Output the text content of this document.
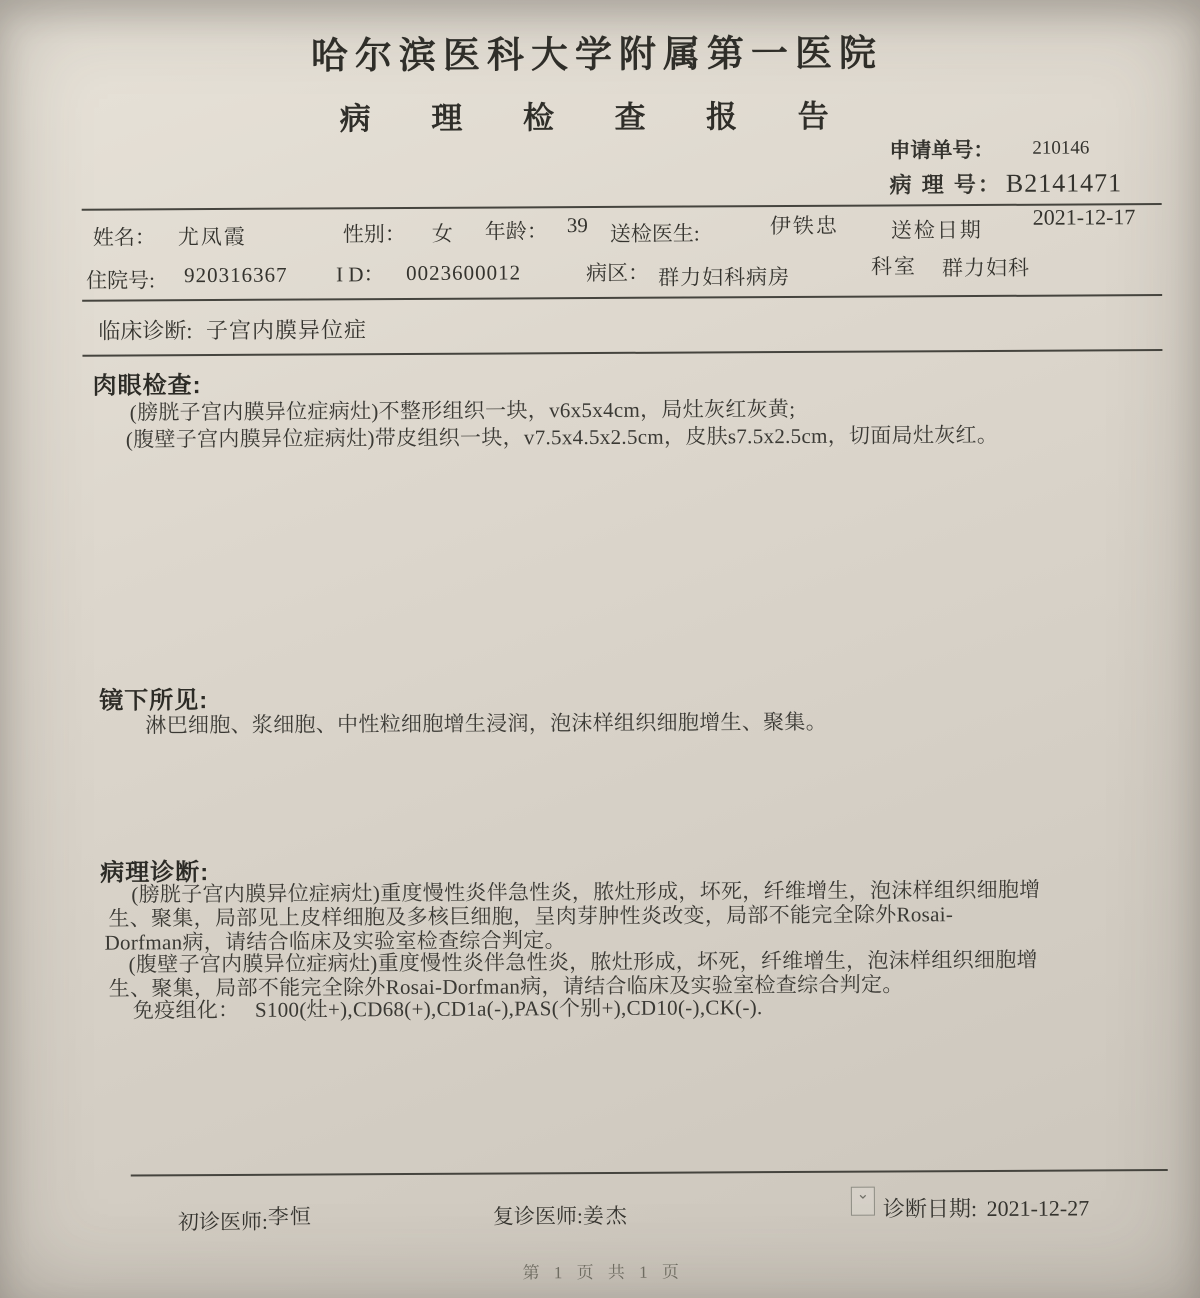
哈尔滨医科大学附属第一医院
病 理 检 查 报 告
申请单号： 210146
病 理 号： B2141471
姓名： 尤凤霞	性别： 女 年龄： 39 送检医生:	伊铁忠 送检日期
2021-12-17
住院号: 920316367 I D： 0023600012	病区： 群力妇科病房	科室 群力妇科
临床诊断: 子宫内膜异位症
肉眼检查:
(膀胱子宫内膜异位症病灶)不整形组织一块，v6x5x4cm，局灶灰红灰黄;
(腹壁子宫内膜异位症病灶)带皮组织一块，v7.5x4.5x2.5cm，皮肤s7.5x2.5cm，切面局灶灰红。
镜下所见:
淋巴细胞、浆细胞、中性粒细胞增生浸润，泡沫样组织细胞增生、聚集。
病理诊断:
(膀胱子宫内膜异位症病灶)重度慢性炎伴急性炎，脓灶形成，坏死，纤维增生，泡沫样组织细胞增
生、聚集，局部见上皮样细胞及多核巨细胞，呈肉芽肿性炎改变，局部不能完全除外Rosai-
Dorfman病，请结合临床及实验室检查综合判定。
(腹壁子宫内膜异位症病灶)重度慢性炎伴急性炎，脓灶形成，坏死，纤维增生，泡沫样组织细胞增
生、聚集，局部不能完全除外Rosai-Dorfman病，请结合临床及实验室检查综合判定。
免疫组化： S100(灶+),CD68(+),CD1a(-),PAS(个别+),CD10(-),CK(-).
初诊医师:李恒	复诊医师:姜杰
⌄
诊断日期: 2021-12-27
第 1 页 共 1 页
